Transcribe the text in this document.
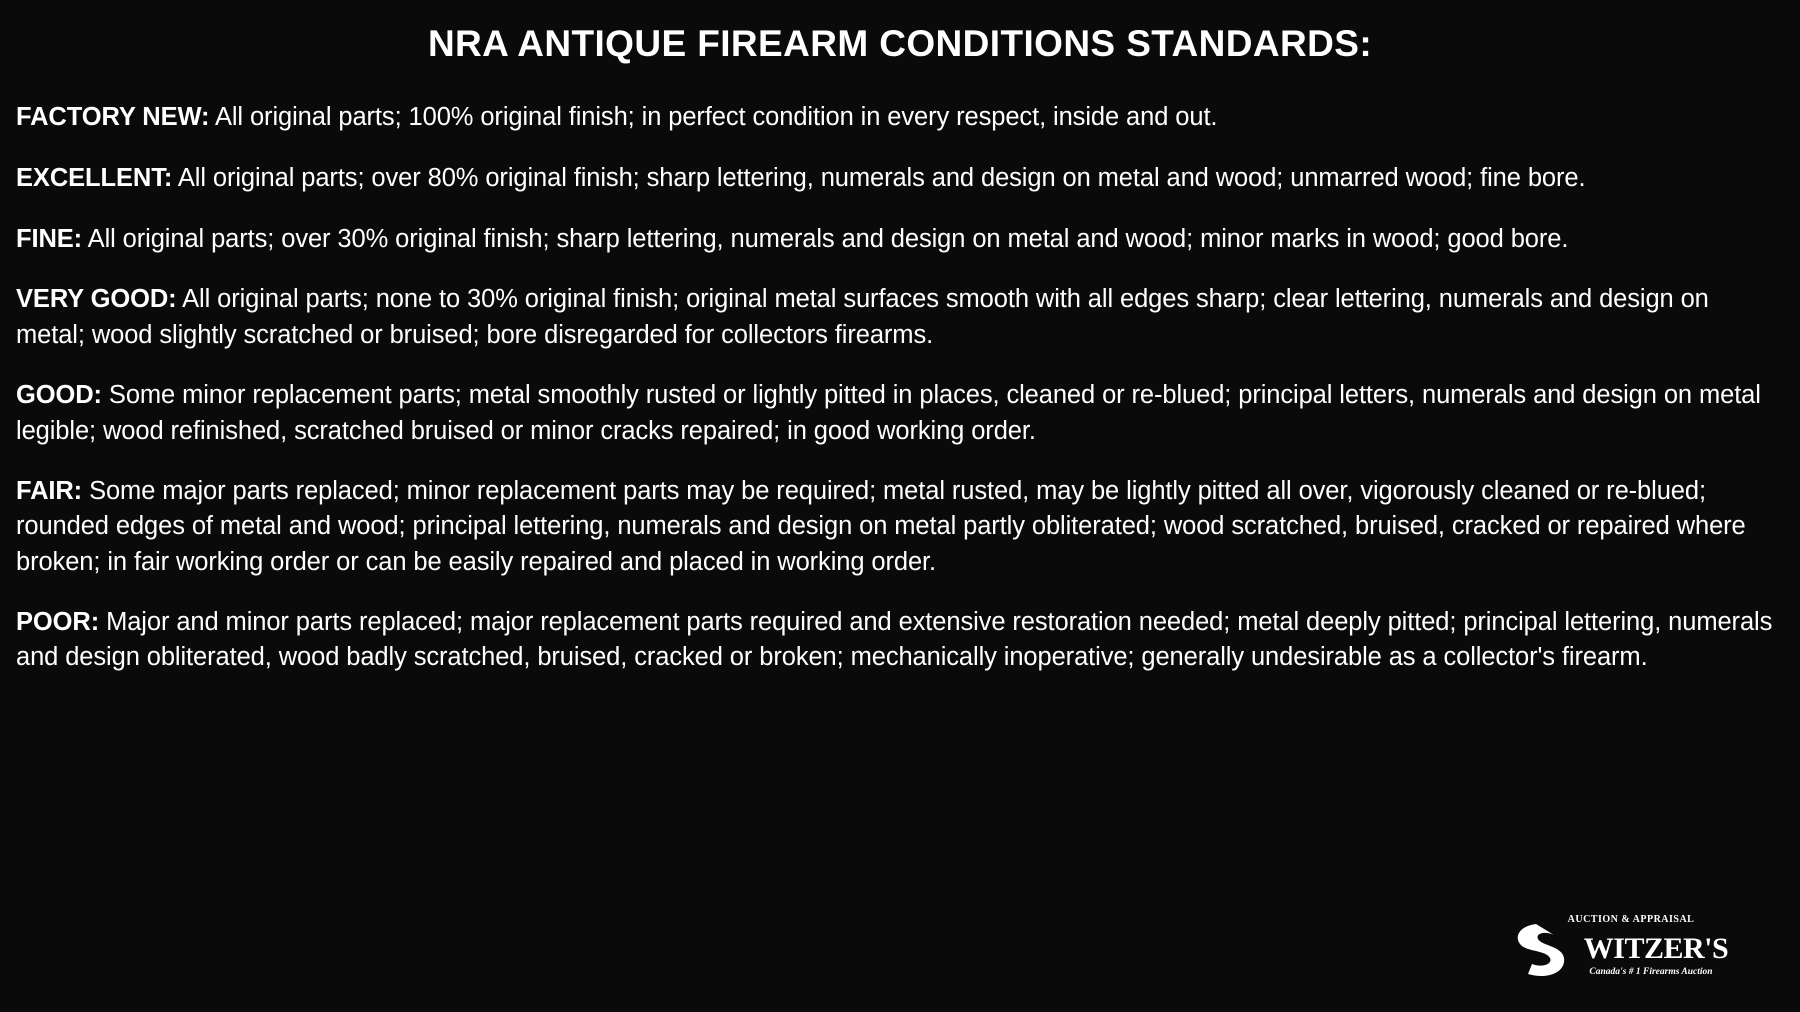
NRA ANTIQUE FIREARM CONDITIONS STANDARDS:

FACTORY NEW: All original parts; 100% original finish; in perfect condition in every respect, inside and out.

EXCELLENT: All original parts; over 80% original finish; sharp lettering, numerals and design on metal and wood; unmarred wood; fine bore.

FINE: All original parts; over 30% original finish; sharp lettering, numerals and design on metal and wood; minor marks in wood; good bore.

VERY GOOD: All original parts; none to 30% original finish; original metal surfaces smooth with all edges sharp; clear lettering, numerals and design on metal; wood slightly scratched or bruised; bore disregarded for collectors firearms.

GOOD: Some minor replacement parts; metal smoothly rusted or lightly pitted in places, cleaned or re-blued; principal letters, numerals and design on metal legible; wood refinished, scratched bruised or minor cracks repaired; in good working order.

FAIR: Some major parts replaced; minor replacement parts may be required; metal rusted, may be lightly pitted all over, vigorously cleaned or re-blued; rounded edges of metal and wood; principal lettering, numerals and design on metal partly obliterated; wood scratched, bruised, cracked or repaired where broken; in fair working order or can be easily repaired and placed in working order.

POOR: Major and minor parts replaced; major replacement parts required and extensive restoration needed; metal deeply pitted; principal lettering, numerals and design obliterated, wood badly scratched, bruised, cracked or broken; mechanically inoperative; generally undesirable as a collector's firearm.

AUCTION & APPRAISAL
WITZER'S
Canada's # 1 Firearms Auction
